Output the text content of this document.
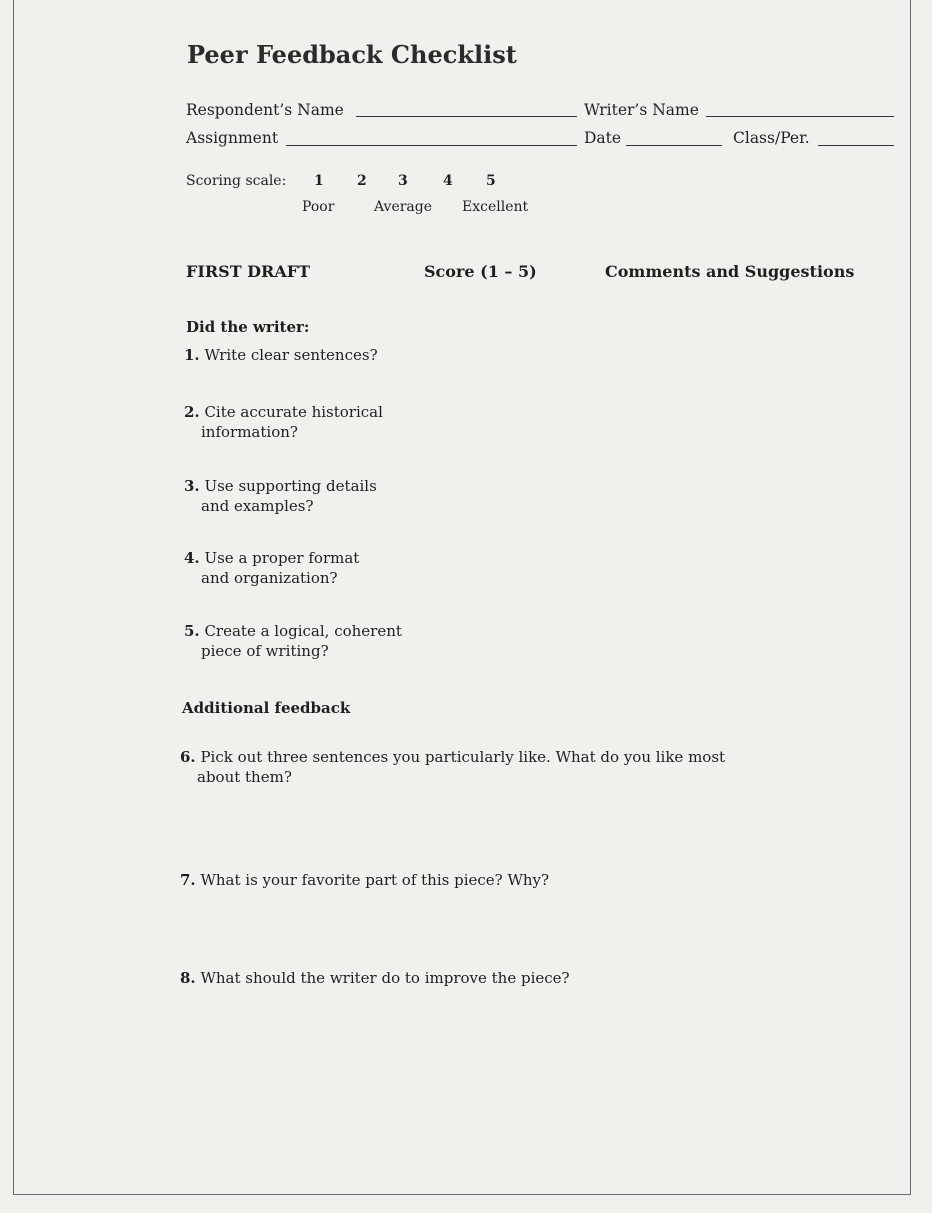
Peer Feedback Checklist
Respondent’s Name	Writer’s Name
Assignment	Date	Class/Per.
Scoring scale: 1 2 3	4 5
Poor	Average Excellent
FIRST DRAFT	Score (1 – 5)	Comments and Suggestions
Did the writer:
1. Write clear sentences?
2. Cite accurate historical
information?
3. Use supporting details
and examples?
4. Use a proper format
and organization?
5. Create a logical, coherent
piece of writing?
Additional feedback
6. Pick out three sentences you particularly like. What do you like most
about them?
7. What is your favorite part of this piece? Why?
8. What should the writer do to improve the piece?
